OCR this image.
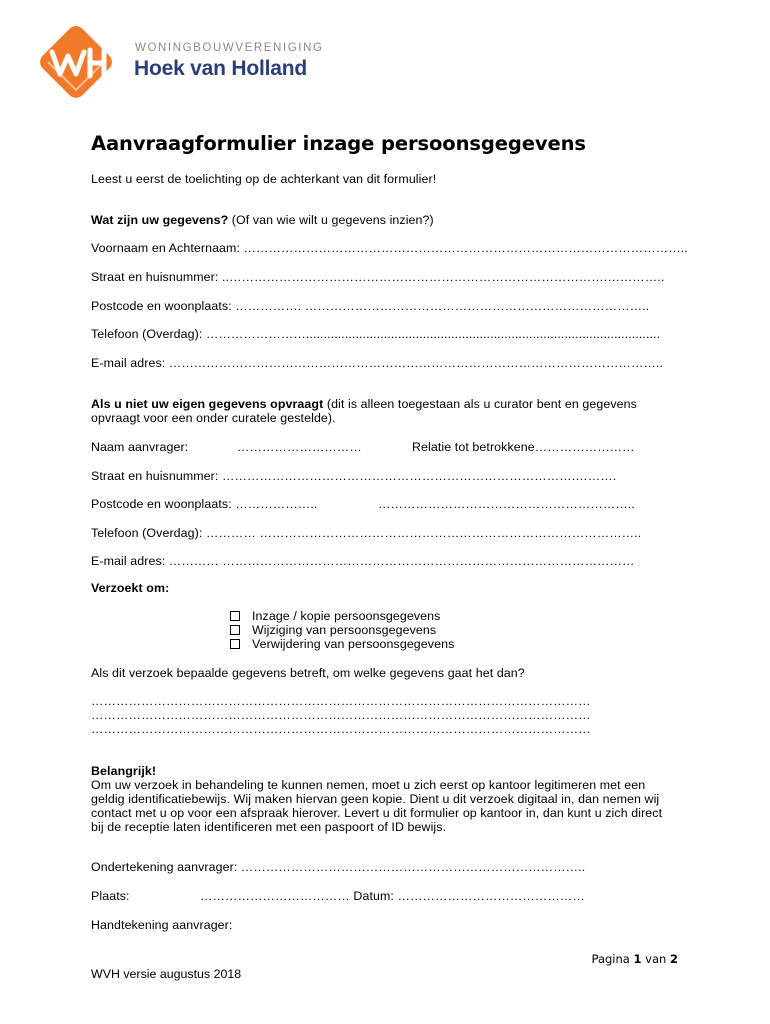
WONINGBOUWVERENIGING
Hoek van Holland
Aanvraagformulier inzage persoonsgegevens
Leest u eerst de toelichting op de achterkant van dit formulier!
Wat zijn uw gegevens? (Of van wie wilt u gegevens inzien?)
Voornaam en Achternaam: ……………………………………………………………………………………………..
Straat en huisnummer: ..……………………………………………………………………………….…………..
Postcode en woonplaats: ……………. ………………………………………………………………………..
Telefoon (Overdag): ……………………....................................................................................................
E-mail adres: ………………………………………………………………………………………………………..
Als u niet uw eigen gegevens opvraagt (dit is alleen toegestaan als u curator bent en gegevens
opvraagt voor een onder curatele gestelde).
Naam aanvrager:	…………………………	Relatie tot betrokkene……………………
Straat en huisnummer: ………………………………………………………………………….……….
Postcode en woonplaats: ………………..	……………………………………………………..
Telefoon (Overdag): ………… ………………………………………………………………………………..
E-mail adres: ………… ………………………………………………………………………………………
Verzoekt om:
Inzage / kopie persoonsgegevens
Wijziging van persoonsgegevens
Verwijdering van persoonsgegevens
Als dit verzoek bepaalde gegevens betreft, om welke gegevens gaat het dan?
…………………………………………………………………………………………………………
…………………………………………………………………………………………………………
…………………………………………………………………………………………………………
Belangrijk!
Om uw verzoek in behandeling te kunnen nemen, moet u zich eerst op kantoor legitimeren met een
geldig identificatiebewijs. Wij maken hiervan geen kopie. Dient u dit verzoek digitaal in, dan nemen wij
contact met u op voor een afspraak hierover. Levert u dit formulier op kantoor in, dan kunt u zich direct
bij de receptie laten identificeren met een paspoort of ID bewijs.
Ondertekening aanvrager: ………………………………………………………………………..
Plaats:	……………………………… Datum: ………………………………………
Handtekening aanvrager:
Pagina 1 van 2
WVH versie augustus 2018
